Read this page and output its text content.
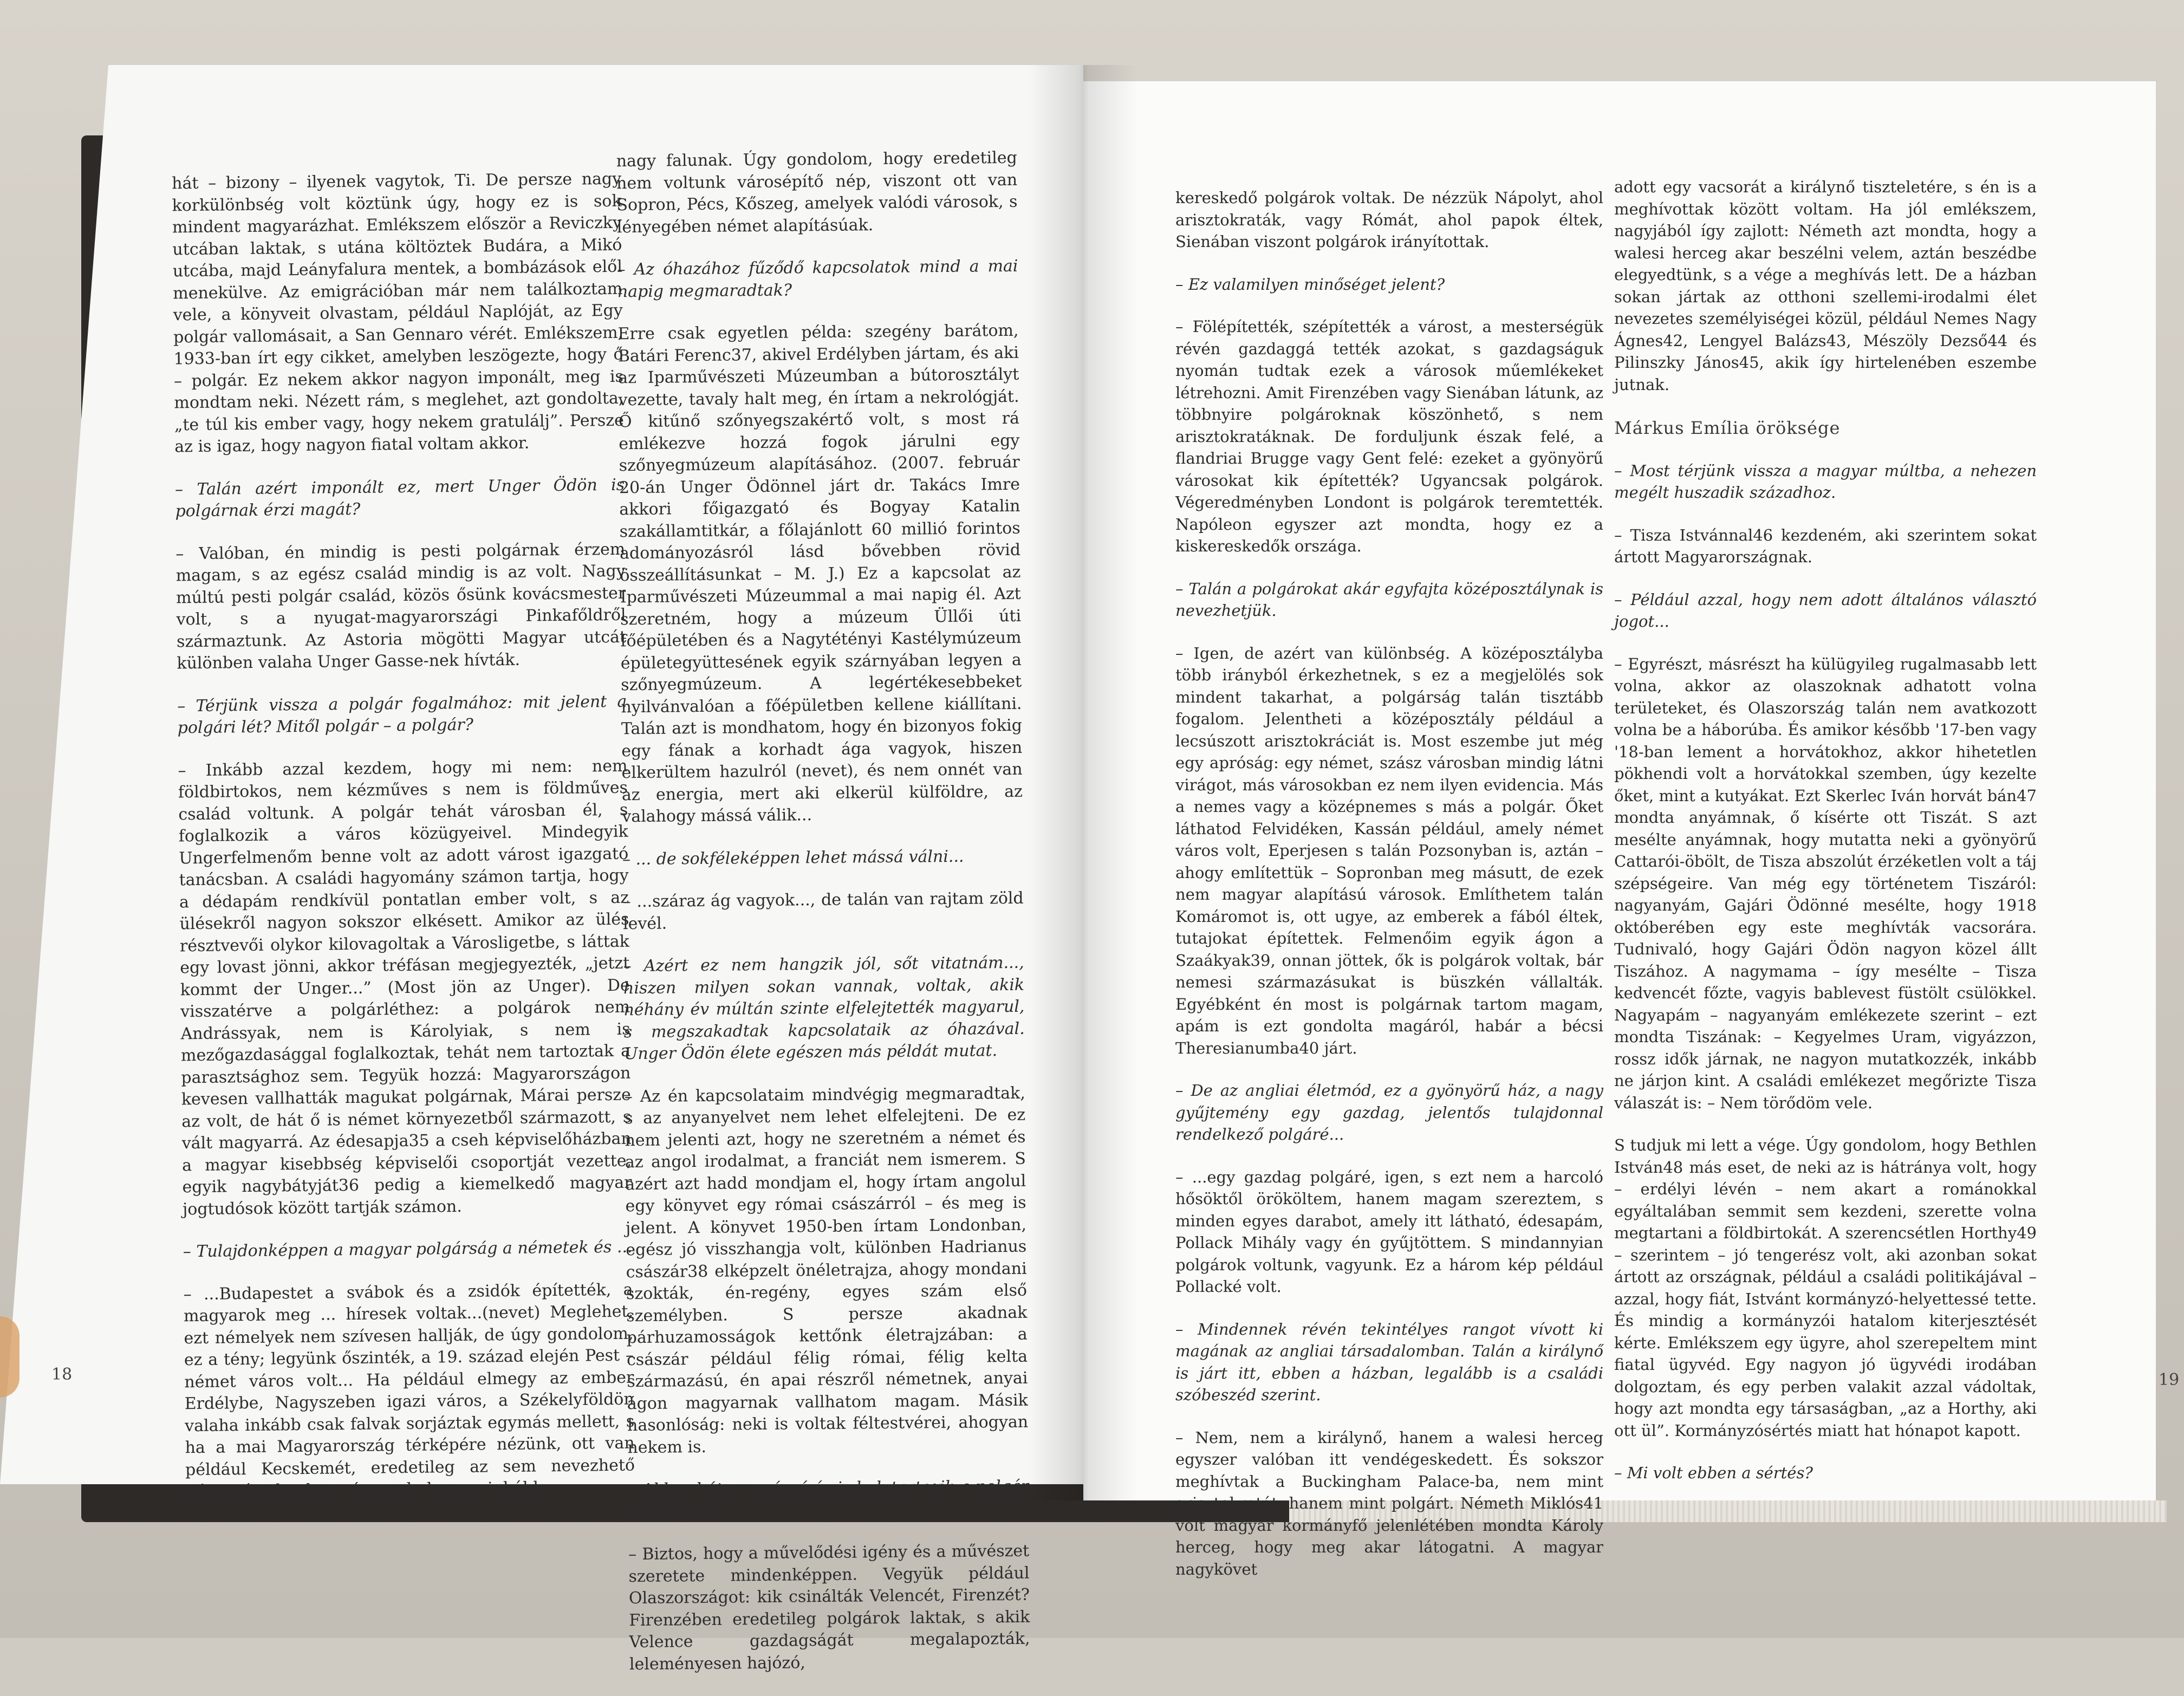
hát – bizony – ilyenek vagytok, Ti. De persze nagy korkülönbség volt köztünk úgy, hogy ez is sok mindent magyarázhat. Emlékszem először a Reviczky utcában laktak, s utána költöztek Budára, a Mikó utcába, majd Leányfalura mentek, a bombázások elől menekülve. Az emigrációban már nem találkoztam vele, a könyveit olvastam, például Naplóját, az Egy polgár vallomásait, a San Gennaro vérét. Emlékszem, 1933-ban írt egy cikket, amelyben leszögezte, hogy ő – polgár. Ez nekem akkor nagyon imponált, meg is mondtam neki. Nézett rám, s meglehet, azt gondolta, „te túl kis ember vagy, hogy nekem gratulálj”. Persze az is igaz, hogy nagyon fiatal voltam akkor.

– Talán azért imponált ez, mert Unger Ödön is polgárnak érzi magát?

– Valóban, én mindig is pesti polgárnak érzem magam, s az egész család mindig is az volt. Nagy múltú pesti polgár család, közös ősünk kovácsmester volt, s a nyugat-magyarországi Pinkafőldről származtunk. Az Astoria mögötti Magyar utcát különben valaha Unger Gasse-nek hívták.

– Térjünk vissza a polgár fogalmához: mit jelent a polgári lét? Mitől polgár – a polgár?

– Inkább azzal kezdem, hogy mi nem: nem földbirtokos, nem kézműves s nem is földműves család voltunk. A polgár tehát városban él, s foglalkozik a város közügyeivel. Mindegyik Ungerfelmenőm benne volt az adott várost igazgató tanácsban. A családi hagyomány számon tartja, hogy a dédapám rendkívül pontatlan ember volt, s az ülésekről nagyon sokszor elkésett. Amikor az ülés résztvevői olykor kilovagoltak a Városligetbe, s láttak egy lovast jönni, akkor tréfásan megjegyezték, „jetzt kommt der Unger...” (Most jön az Unger). De visszatérve a polgárléthez: a polgárok nem Andrássyak, nem is Károlyiak, s nem is mezőgazdasággal foglalkoztak, tehát nem tartoztak a parasztsághoz sem. Tegyük hozzá: Magyarországon kevesen vallhatták magukat polgárnak, Márai persze az volt, de hát ő is német környezetből származott, s vált magyarrá. Az édesapja35 a cseh képviselőházban a magyar kisebbség képviselői csoportját vezette, egyik nagybátyját36 pedig a kiemelkedő magyar jogtudósok között tartják számon.

– Tulajdonképpen a magyar polgárság a németek és ...

– ...Budapestet a svábok és a zsidók építették, a magyarok meg ... híresek voltak...(nevet) Meglehet, ezt némelyek nem szívesen hallják, de úgy gondolom, ez a tény; legyünk őszinték, a 19. század elején Pest – német város volt... Ha például elmegy az ember Erdélybe, Nagyszeben igazi város, a Székelyföldön valaha inkább csak falvak sorjáztak egymás mellett, s ha a mai Magyarország térképére nézünk, ott van például Kecskemét, eredetileg az sem nevezhető német értelemben városnak, hanem inkább

nagy falunak. Úgy gondolom, hogy eredetileg nem voltunk városépítő nép, viszont ott van Sopron, Pécs, Kőszeg, amelyek valódi városok, s lényegében német alapításúak.

– Az óhazához fűződő kapcsolatok mind a mai napig megmaradtak?

Erre csak egyetlen példa: szegény barátom, Batári Ferenc37, akivel Erdélyben jártam, és aki az Iparművészeti Múzeumban a bútorosztályt vezette, tavaly halt meg, én írtam a nekrológját. Ő kitűnő szőnyegszakértő volt, s most rá emlékezve hozzá fogok járulni egy szőnyegmúzeum alapításához. (2007. február 20-án Unger Ödönnel járt dr. Takács Imre akkori főigazgató és Bogyay Katalin szakállamtitkár, a főlajánlott 60 millió forintos adományozásról lásd bővebben rövid összeállításunkat – M. J.) Ez a kapcsolat az Iparművészeti Múzeummal a mai napig él. Azt szeretném, hogy a múzeum Üllői úti főépületében és a Nagytétényi Kastélymúzeum épületegyüttesének egyik szárnyában legyen a szőnyegmúzeum. A legértékesebbeket nyilvánvalóan a főépületben kellene kiállítani. Talán azt is mondhatom, hogy én bizonyos fokig egy fának a korhadt ága vagyok, hiszen elkerültem hazulról (nevet), és nem onnét van az energia, mert aki elkerül külföldre, az valahogy mássá válik...

– ... de sokféleképpen lehet mássá válni...

– ...száraz ág vagyok..., de talán van rajtam zöld levél.

– Azért ez nem hangzik jól, sőt vitatnám..., hiszen milyen sokan vannak, voltak, akik néhány év múltán szinte elfelejtették magyarul, s megszakadtak kapcsolataik az óhazával. Unger Ödön élete egészen más példát mutat.

– Az én kapcsolataim mindvégig megmaradtak, s az anyanyelvet nem lehet elfelejteni. De ez nem jelenti azt, hogy ne szeretném a német és az angol irodalmat, a franciát nem ismerem. S azért azt hadd mondjam el, hogy írtam angolul egy könyvet egy római császárról – és meg is jelent. A könyvet 1950-ben írtam Londonban, egész jó visszhangja volt, különben Hadrianus császár38 elképzelt önéletrajza, ahogy mondani szokták, én-regény, egyes szám első személyben. S persze akadnak párhuzamosságok kettőnk életrajzában: a császár például félig római, félig kelta származású, én apai részről németnek, anyai ágon magyarnak vallhatom magam. Másik hasonlóság: neki is voltak féltestvérei, ahogyan nekem is.

– Akkor hát a regényírás is beletartozik a polgár fogalmába?

– Biztos, hogy a művelődési igény és a művészet szeretete mindenképpen. Vegyük például Olaszországot: kik csinálták Velencét, Firenzét? Firenzében eredetileg polgárok laktak, s akik Velence gazdagságát megalapozták, leleményesen hajózó,

kereskedő polgárok voltak. De nézzük Nápolyt, ahol arisztokraták, vagy Rómát, ahol papok éltek, Sienában viszont polgárok irányítottak.

– Ez valamilyen minőséget jelent?

– Fölépítették, szépítették a várost, a mesterségük révén gazdaggá tették azokat, s gazdagságuk nyomán tudtak ezek a városok műemlékeket létrehozni. Amit Firenzében vagy Sienában látunk, az többnyire polgároknak köszönhető, s nem arisztokratáknak. De forduljunk észak felé, a flandriai Brugge vagy Gent felé: ezeket a gyönyörű városokat kik építették? Ugyancsak polgárok. Végeredményben Londont is polgárok teremtették. Napóleon egyszer azt mondta, hogy ez a kiskereskedők országa.

– Talán a polgárokat akár egyfajta középosztálynak is nevezhetjük.

– Igen, de azért van különbség. A középosztályba több irányból érkezhetnek, s ez a megjelölés sok mindent takarhat, a polgárság talán tisztább fogalom. Jelentheti a középosztály például a lecsúszott arisztokráciát is. Most eszembe jut még egy apróság: egy német, szász városban mindig látni virágot, más városokban ez nem ilyen evidencia. Más a nemes vagy a középnemes s más a polgár. Őket láthatod Felvidéken, Kassán például, amely német város volt, Eperjesen s talán Pozsonyban is, aztán – ahogy említettük – Sopronban meg másutt, de ezek nem magyar alapítású városok. Említhetem talán Komáromot is, ott ugye, az emberek a fából éltek, tutajokat építettek. Felmenőim egyik ágon a Szaákyak39, onnan jöttek, ők is polgárok voltak, bár nemesi származásukat is büszkén vállalták. Egyébként én most is polgárnak tartom magam, apám is ezt gondolta magáról, habár a bécsi Theresianumba40 járt.

– De az angliai életmód, ez a gyönyörű ház, a nagy gyűjtemény egy gazdag, jelentős tulajdonnal rendelkező polgáré...

– ...egy gazdag polgáré, igen, s ezt nem a harcoló hősöktől örököltem, hanem magam szereztem, s minden egyes darabot, amely itt látható, édesapám, Pollack Mihály vagy én gyűjtöttem. S mindannyian polgárok voltunk, vagyunk. Ez a három kép például Pollacké volt.

– Mindennek révén tekintélyes rangot vívott ki magának az angliai társadalomban. Talán a királynő is járt itt, ebben a házban, legalább is a családi szóbeszéd szerint.

– Nem, nem a királynő, hanem a walesi herceg egyszer valóban itt vendégeskedett. És sokszor meghívtak a Buckingham Palace-ba, nem mint arisztokratát, hanem mint polgárt. Németh Miklós41 volt magyar kormányfő jelenlétében mondta Károly herceg, hogy meg akar látogatni. A magyar nagykövet

adott egy vacsorát a királynő tiszteletére, s én is a meghívottak között voltam. Ha jól emlékszem, nagyjából így zajlott: Németh azt mondta, hogy a walesi herceg akar beszélni velem, aztán beszédbe elegyedtünk, s a vége a meghívás lett. De a házban sokan jártak az otthoni szellemi-irodalmi élet nevezetes személyiségei közül, például Nemes Nagy Ágnes42, Lengyel Balázs43, Mészöly Dezső44 és Pilinszky János45, akik így hirtelenében eszembe jutnak.

Márkus Emília öröksége

– Most térjünk vissza a magyar múltba, a nehezen megélt huszadik századhoz.

– Tisza Istvánnal46 kezdeném, aki szerintem sokat ártott Magyarországnak.

– Például azzal, hogy nem adott általános választó jogot...

– Egyrészt, másrészt ha külügyileg rugalmasabb lett volna, akkor az olaszoknak adhatott volna területeket, és Olaszország talán nem avatkozott volna be a háborúba. És amikor később '17-ben vagy '18-ban lement a horvátokhoz, akkor hihetetlen pökhendi volt a horvátokkal szemben, úgy kezelte őket, mint a kutyákat. Ezt Skerlec Iván horvát bán47 mondta anyámnak, ő kísérte ott Tiszát. S azt mesélte anyámnak, hogy mutatta neki a gyönyörű Cattarói-öbölt, de Tisza abszolút érzéketlen volt a táj szépségeire. Van még egy történetem Tiszáról: nagyanyám, Gajári Ödönné mesélte, hogy 1918 októberében egy este meghívták vacsorára. Tudnivaló, hogy Gajári Ödön nagyon közel állt Tiszához. A nagymama – így mesélte – Tisza kedvencét főzte, vagyis bablevest füstölt csülökkel. Nagyapám – nagyanyám emlékezete szerint – ezt mondta Tiszának: – Kegyelmes Uram, vigyázzon, rossz idők járnak, ne nagyon mutatkozzék, inkább ne járjon kint. A családi emlékezet megőrizte Tisza válaszát is: – Nem törődöm vele.

S tudjuk mi lett a vége. Úgy gondolom, hogy Bethlen István48 más eset, de neki az is hátránya volt, hogy – erdélyi lévén – nem akart a románokkal egyáltalában semmit sem kezdeni, szerette volna megtartani a földbirtokát. A szerencsétlen Horthy49 – szerintem – jó tengerész volt, aki azonban sokat ártott az országnak, például a családi politikájával – azzal, hogy fiát, Istvánt kormányzó-helyettessé tette. És mindig a kormányzói hatalom kiterjesztését kérte. Emlékszem egy ügyre, ahol szerepeltem mint fiatal ügyvéd. Egy nagyon jó ügyvédi irodában dolgoztam, és egy perben valakit azzal vádoltak, hogy azt mondta egy társaságban, „az a Horthy, aki ott ül”. Kormányzósértés miatt hat hónapot kapott.

– Mi volt ebben a sértés?

18	19
